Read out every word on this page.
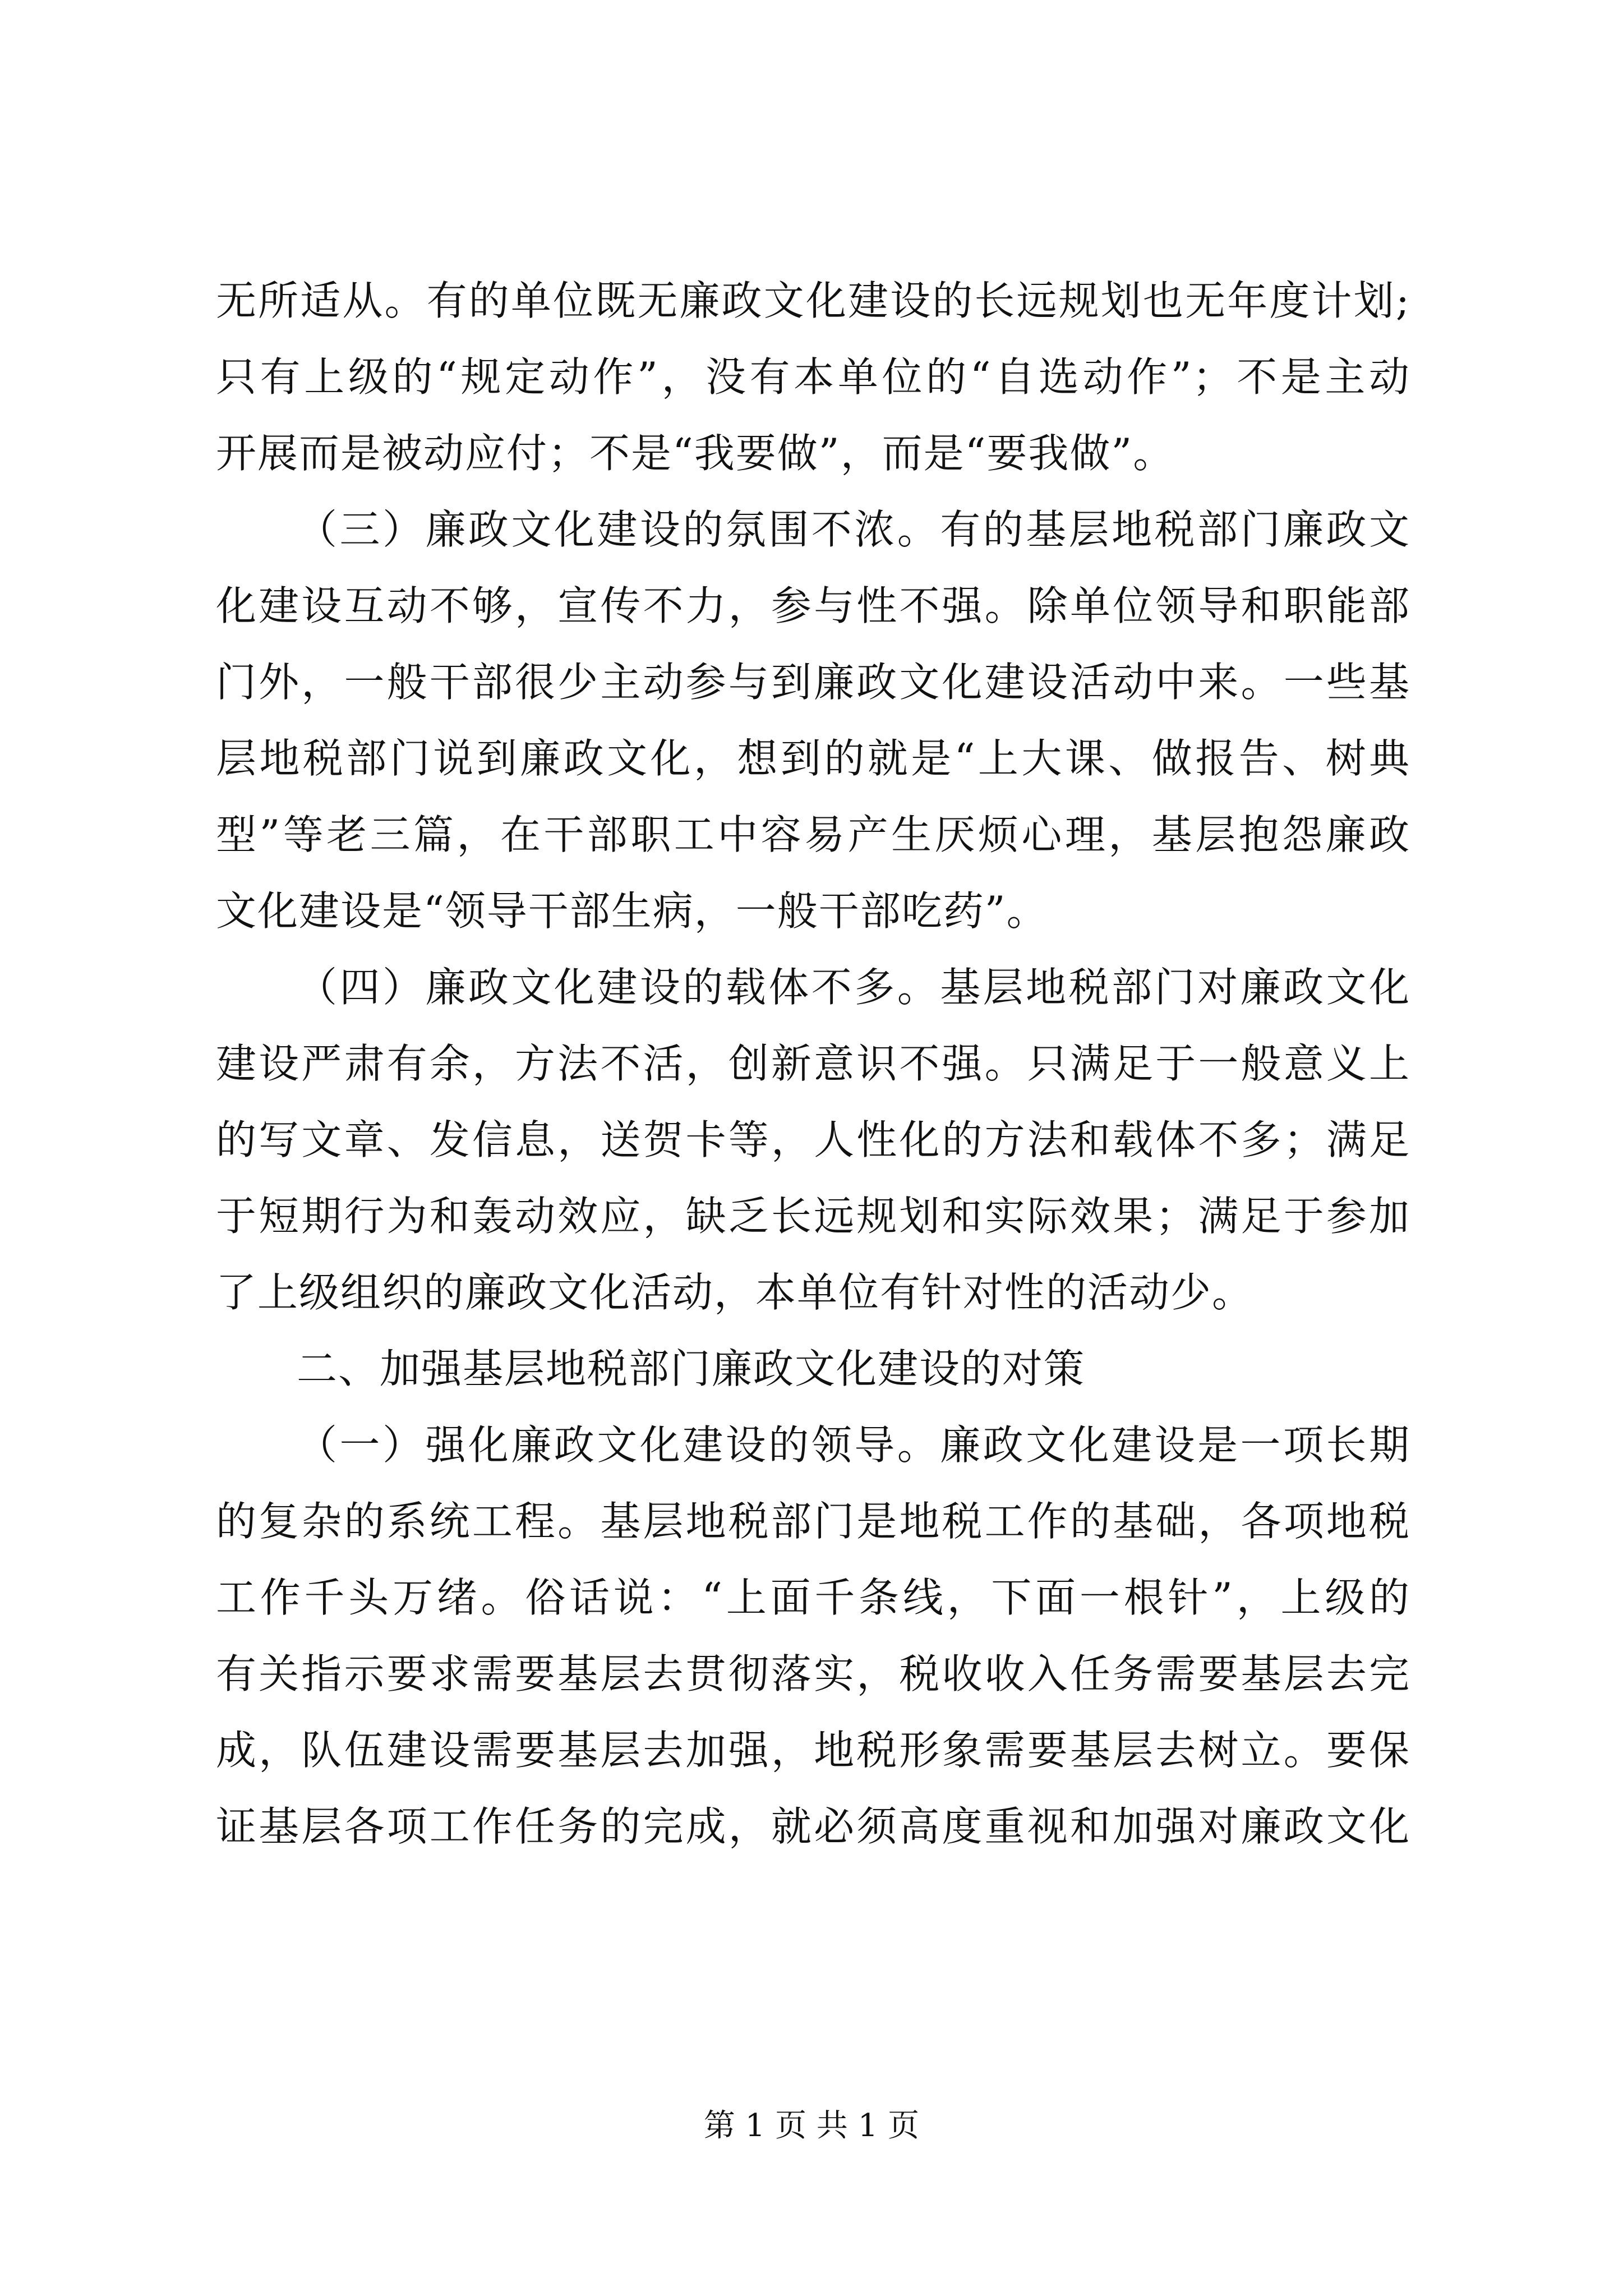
无所适从。有的单位既无廉政文化建设的长远规划也无年度计划;
只有上级的“规定动作”，没有本单位的“自选动作”；不是主动
开展而是被动应付；不是“我要做”，而是“要我做”。
（三）廉政文化建设的氛围不浓。有的基层地税部门廉政文
化建设互动不够，宣传不力，参与性不强。除单位领导和职能部
门外，一般干部很少主动参与到廉政文化建设活动中来。一些基
层地税部门说到廉政文化，想到的就是“上大课、做报告、树典
型”等老三篇，在干部职工中容易产生厌烦心理，基层抱怨廉政
文化建设是“领导干部生病，一般干部吃药”。
（四）廉政文化建设的载体不多。基层地税部门对廉政文化
建设严肃有余，方法不活，创新意识不强。只满足于一般意义上
的写文章、发信息，送贺卡等，人性化的方法和载体不多；满足
于短期行为和轰动效应，缺乏长远规划和实际效果；满足于参加
了上级组织的廉政文化活动，本单位有针对性的活动少。
二、加强基层地税部门廉政文化建设的对策
（一）强化廉政文化建设的领导。廉政文化建设是一项长期
的复杂的系统工程。基层地税部门是地税工作的基础，各项地税
工作千头万绪。俗话说：“上面千条线，下面一根针”，上级的
有关指示要求需要基层去贯彻落实，税收收入任务需要基层去完
成，队伍建设需要基层去加强，地税形象需要基层去树立。要保
证基层各项工作任务的完成，就必须高度重视和加强对廉政文化
第 1 页 共 1 页
